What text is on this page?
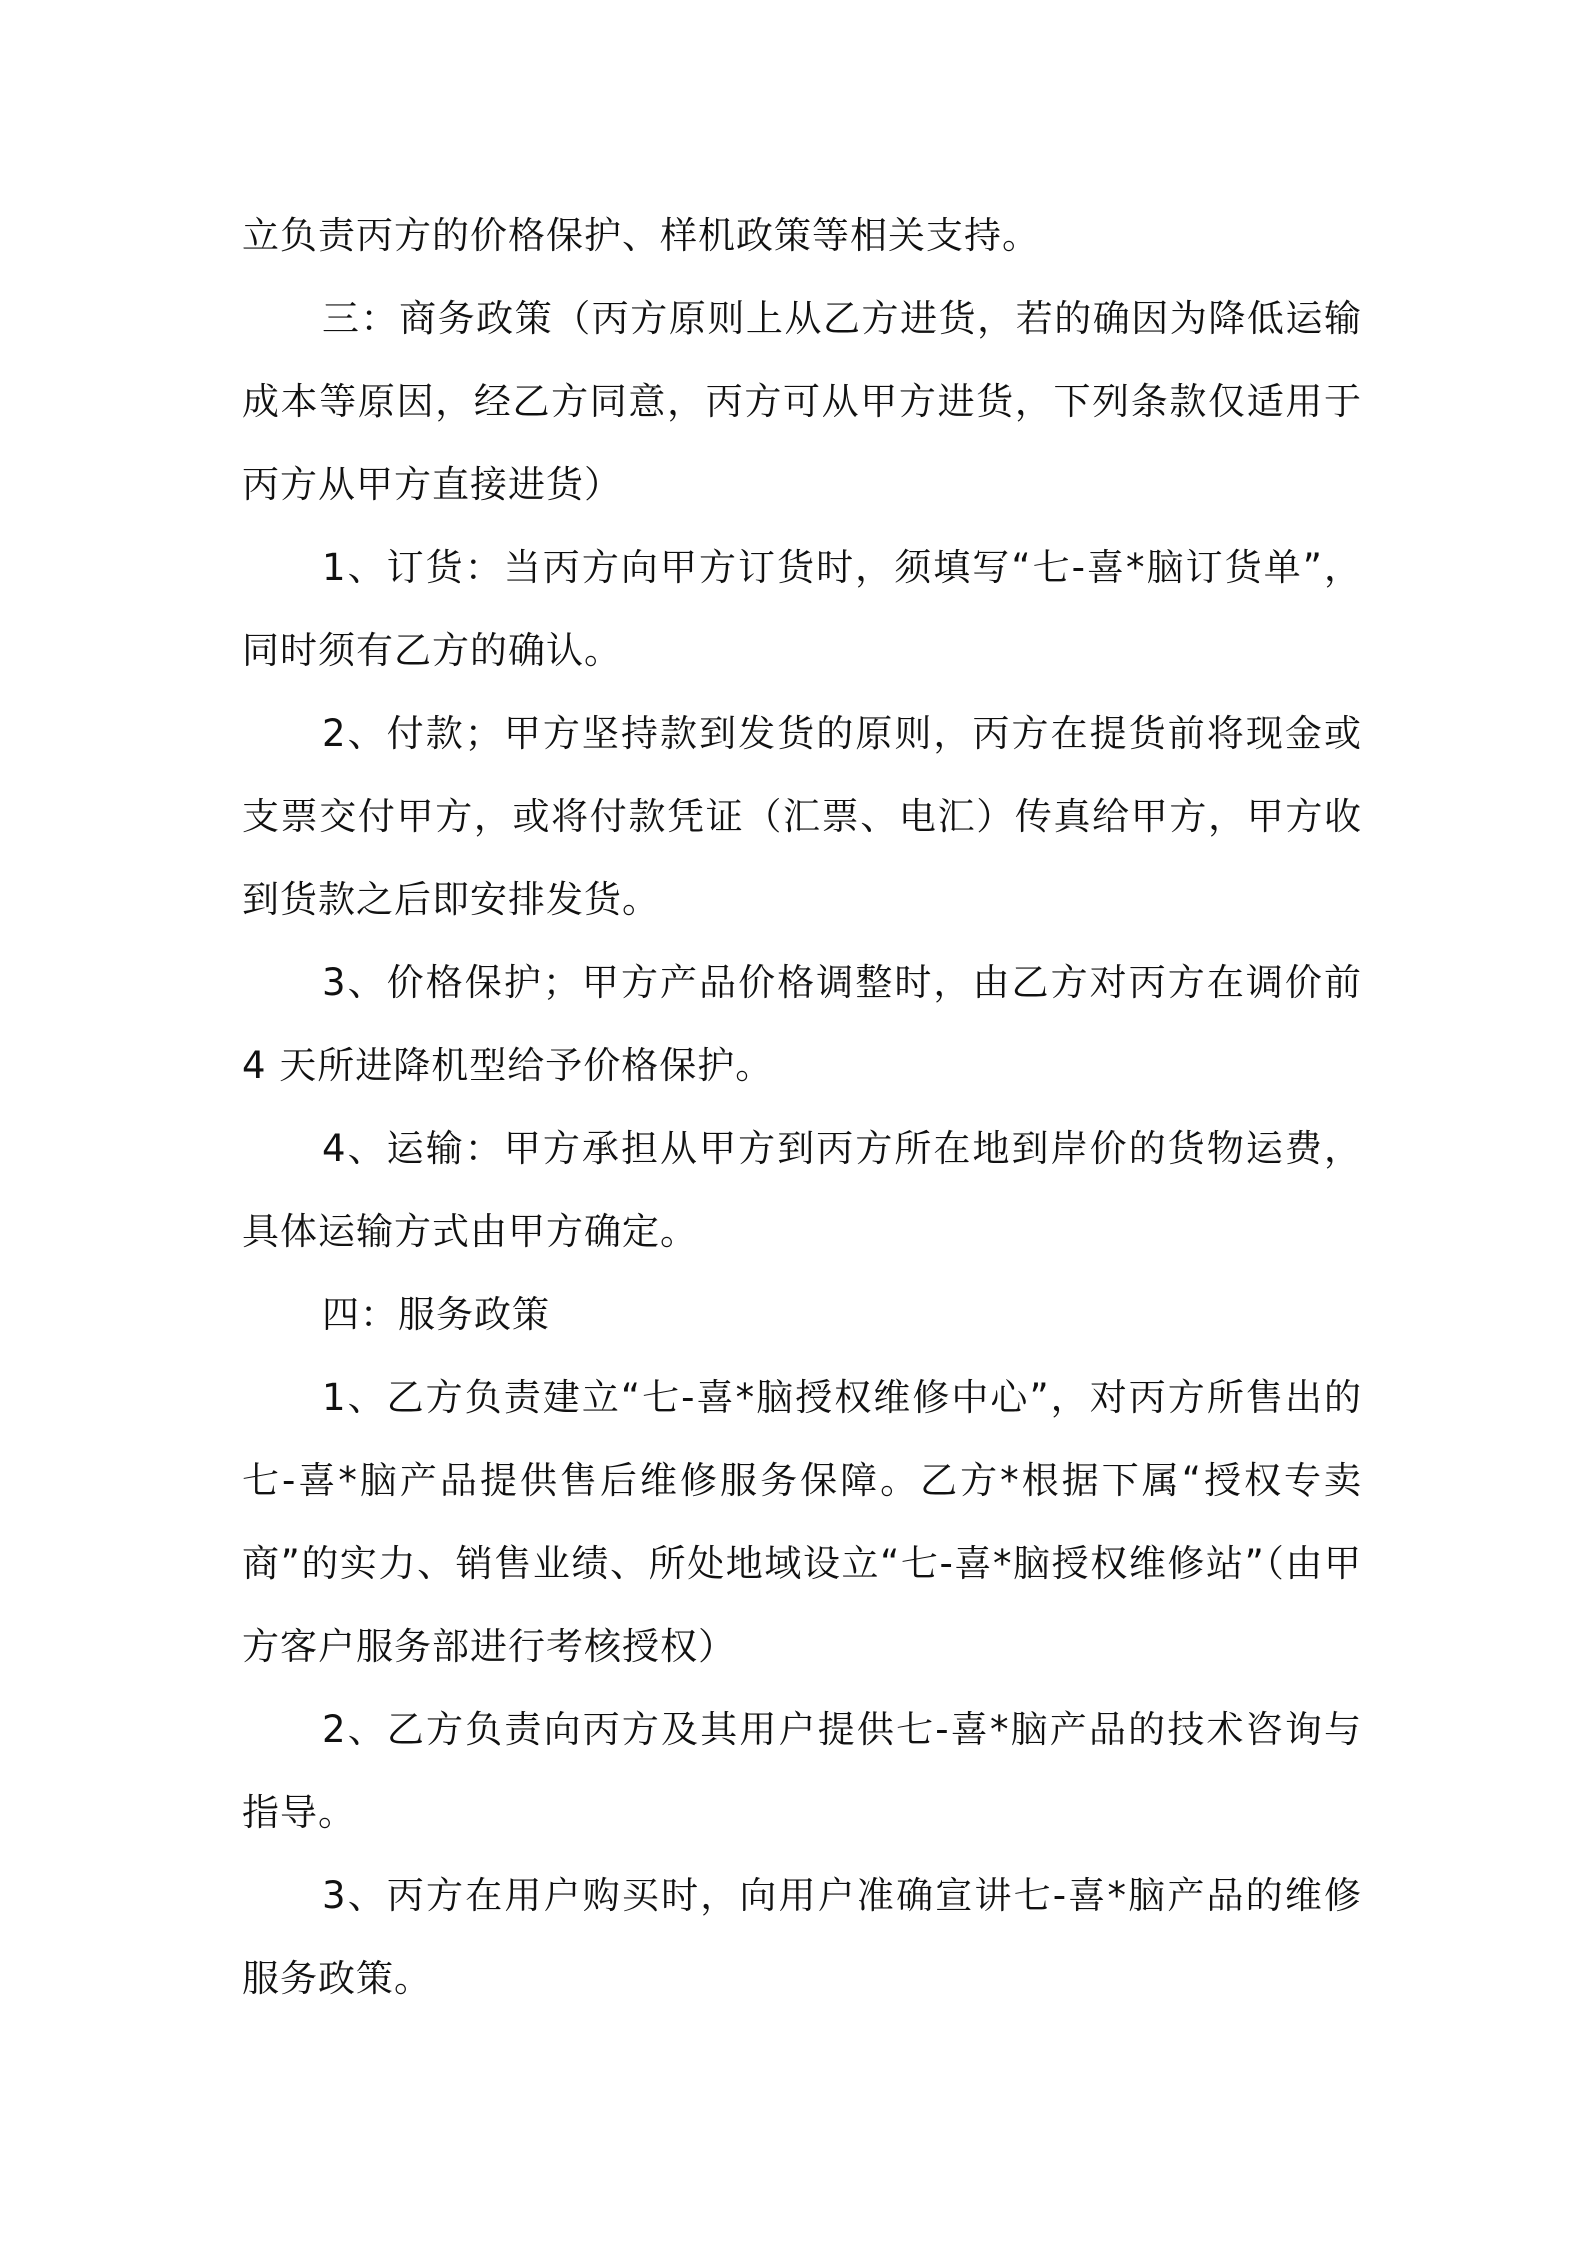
立负责丙方的价格保护、样机政策等相关支持。

三：商务政策（丙方原则上从乙方进货，若的确因为降低运输成本等原因，经乙方同意，丙方可从甲方进货，下列条款仅适用于丙方从甲方直接进货）

1、订货：当丙方向甲方订货时，须填写“七-喜*脑订货单”，同时须有乙方的确认。

2、付款；甲方坚持款到发货的原则，丙方在提货前将现金或支票交付甲方，或将付款凭证（汇票、电汇）传真给甲方，甲方收到货款之后即安排发货。

3、价格保护；甲方产品价格调整时，由乙方对丙方在调价前 4 天所进降机型给予价格保护。

4、运输：甲方承担从甲方到丙方所在地到岸价的货物运费，具体运输方式由甲方确定。

四：服务政策

1、乙方负责建立“七-喜*脑授权维修中心”，对丙方所售出的七-喜*脑产品提供售后维修服务保障。乙方*根据下属“授权专卖商”的实力、销售业绩、所处地域设立“七-喜*脑授权维修站”（由甲方客户服务部进行考核授权）

2、乙方负责向丙方及其用户提供七-喜*脑产品的技术咨询与指导。

3、丙方在用户购买时，向用户准确宣讲七-喜*脑产品的维修服务政策。
